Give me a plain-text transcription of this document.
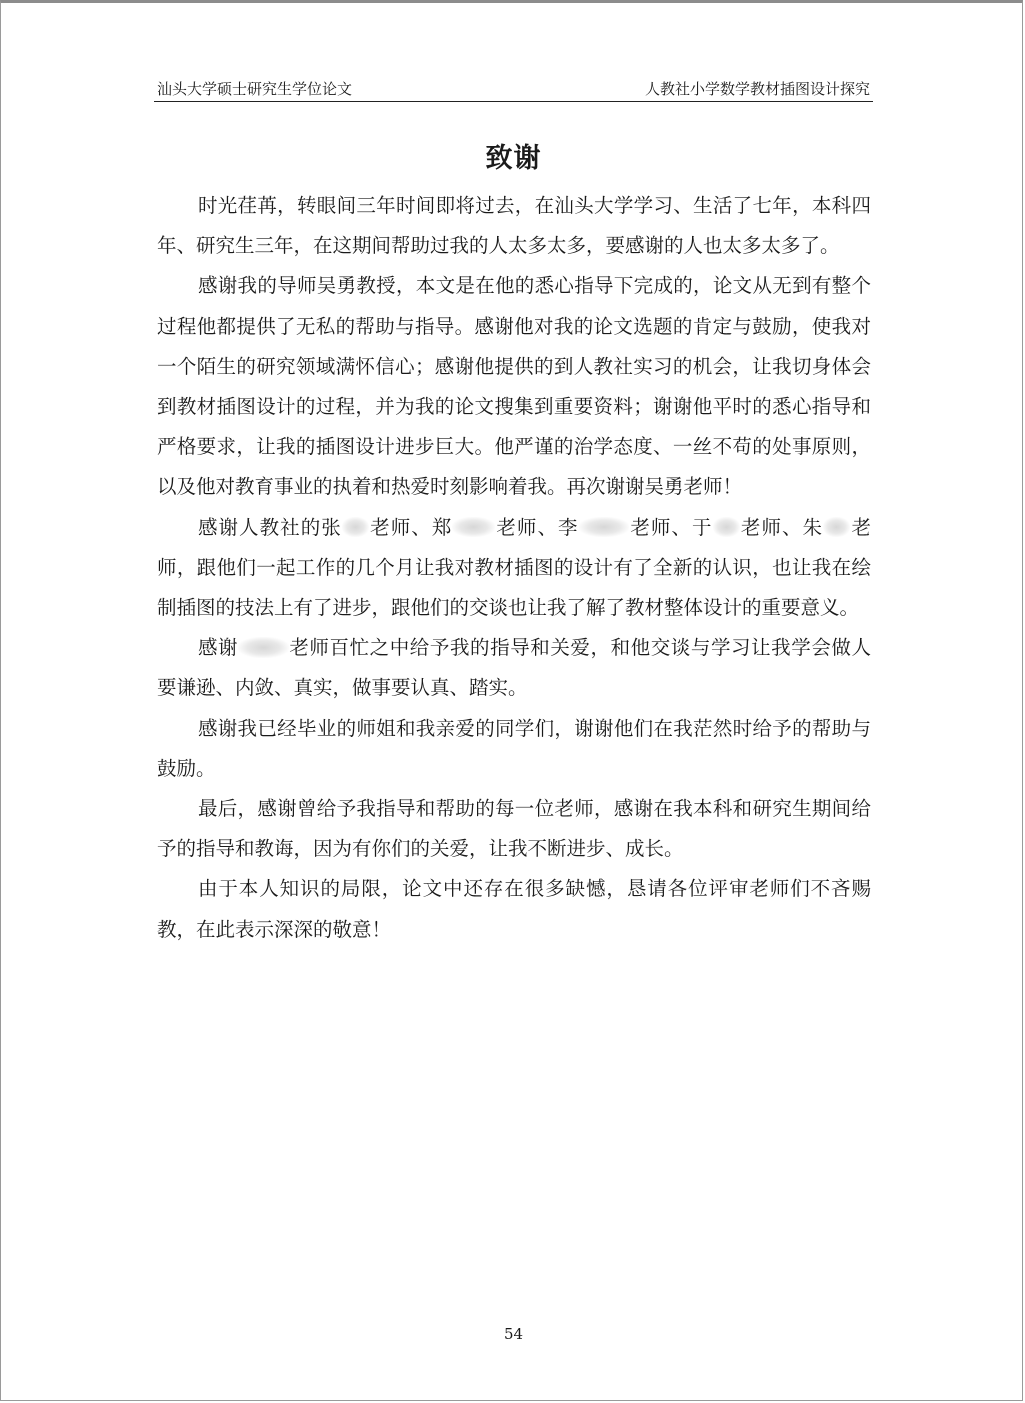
汕头大学硕士研究生学位论文	人教社小学数学教材插图设计探究
致谢

时光荏苒，转眼间三年时间即将过去，在汕头大学学习、生活了七年，本科四年、研究生三年，在这期间帮助过我的人太多太多，要感谢的人也太多太多了。

感谢我的导师吴勇教授，本文是在他的悉心指导下完成的，论文从无到有整个过程他都提供了无私的帮助与指导。感谢他对我的论文选题的肯定与鼓励，使我对一个陌生的研究领域满怀信心；感谢他提供的到人教社实习的机会，让我切身体会到教材插图设计的过程，并为我的论文搜集到重要资料；谢谢他平时的悉心指导和严格要求，让我的插图设计进步巨大。他严谨的治学态度、一丝不苟的处事原则，以及他对教育事业的执着和热爱时刻影响着我。再次谢谢吴勇老师！

感谢人教社的张 老师、郑 老师、李	老师、于 老师、朱 老师，跟他们一起工作的几个月让我对教材插图的设计有了全新的认识，也让我在绘制插图的技法上有了进步，跟他们的交谈也让我了解了教材整体设计的重要意义。

感谢	老师百忙之中给予我的指导和关爱，和他交谈与学习让我学会做人要谦逊、内敛、真实，做事要认真、踏实。

感谢我已经毕业的师姐和我亲爱的同学们，谢谢他们在我茫然时给予的帮助与鼓励。

最后，感谢曾给予我指导和帮助的每一位老师，感谢在我本科和研究生期间给予的指导和教诲，因为有你们的关爱，让我不断进步、成长。

由于本人知识的局限，论文中还存在很多缺憾，恳请各位评审老师们不吝赐教，在此表示深深的敬意！

54
